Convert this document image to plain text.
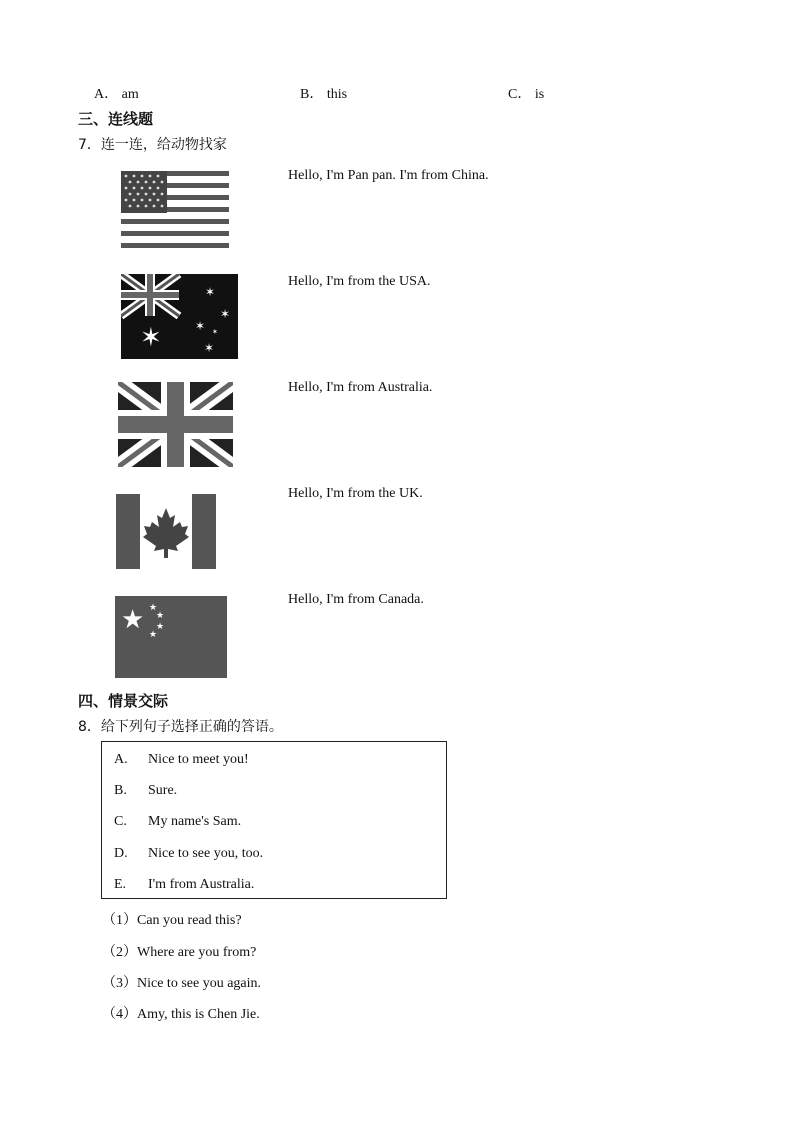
A． am	B． this	C． is
三、连线题
7．连一连，给动物找家
Hello, I'm Pan pan. I'm from China.
✶
✶
✶
✶
✶
✶
Hello, I'm from the USA.
Hello, I'm from Australia.
Hello, I'm from the UK.
★ ★
★
★
★
Hello, I'm from Canada.
四、情景交际
8．给下列句子选择正确的答语。
A. Nice to meet you!
B. Sure.
C. My name's Sam.
D. Nice to see you, too.
E. I'm from Australia.
（1）Can you read this?
（2）Where are you from?
（3）Nice to see you again.
（4）Amy, this is Chen Jie.
